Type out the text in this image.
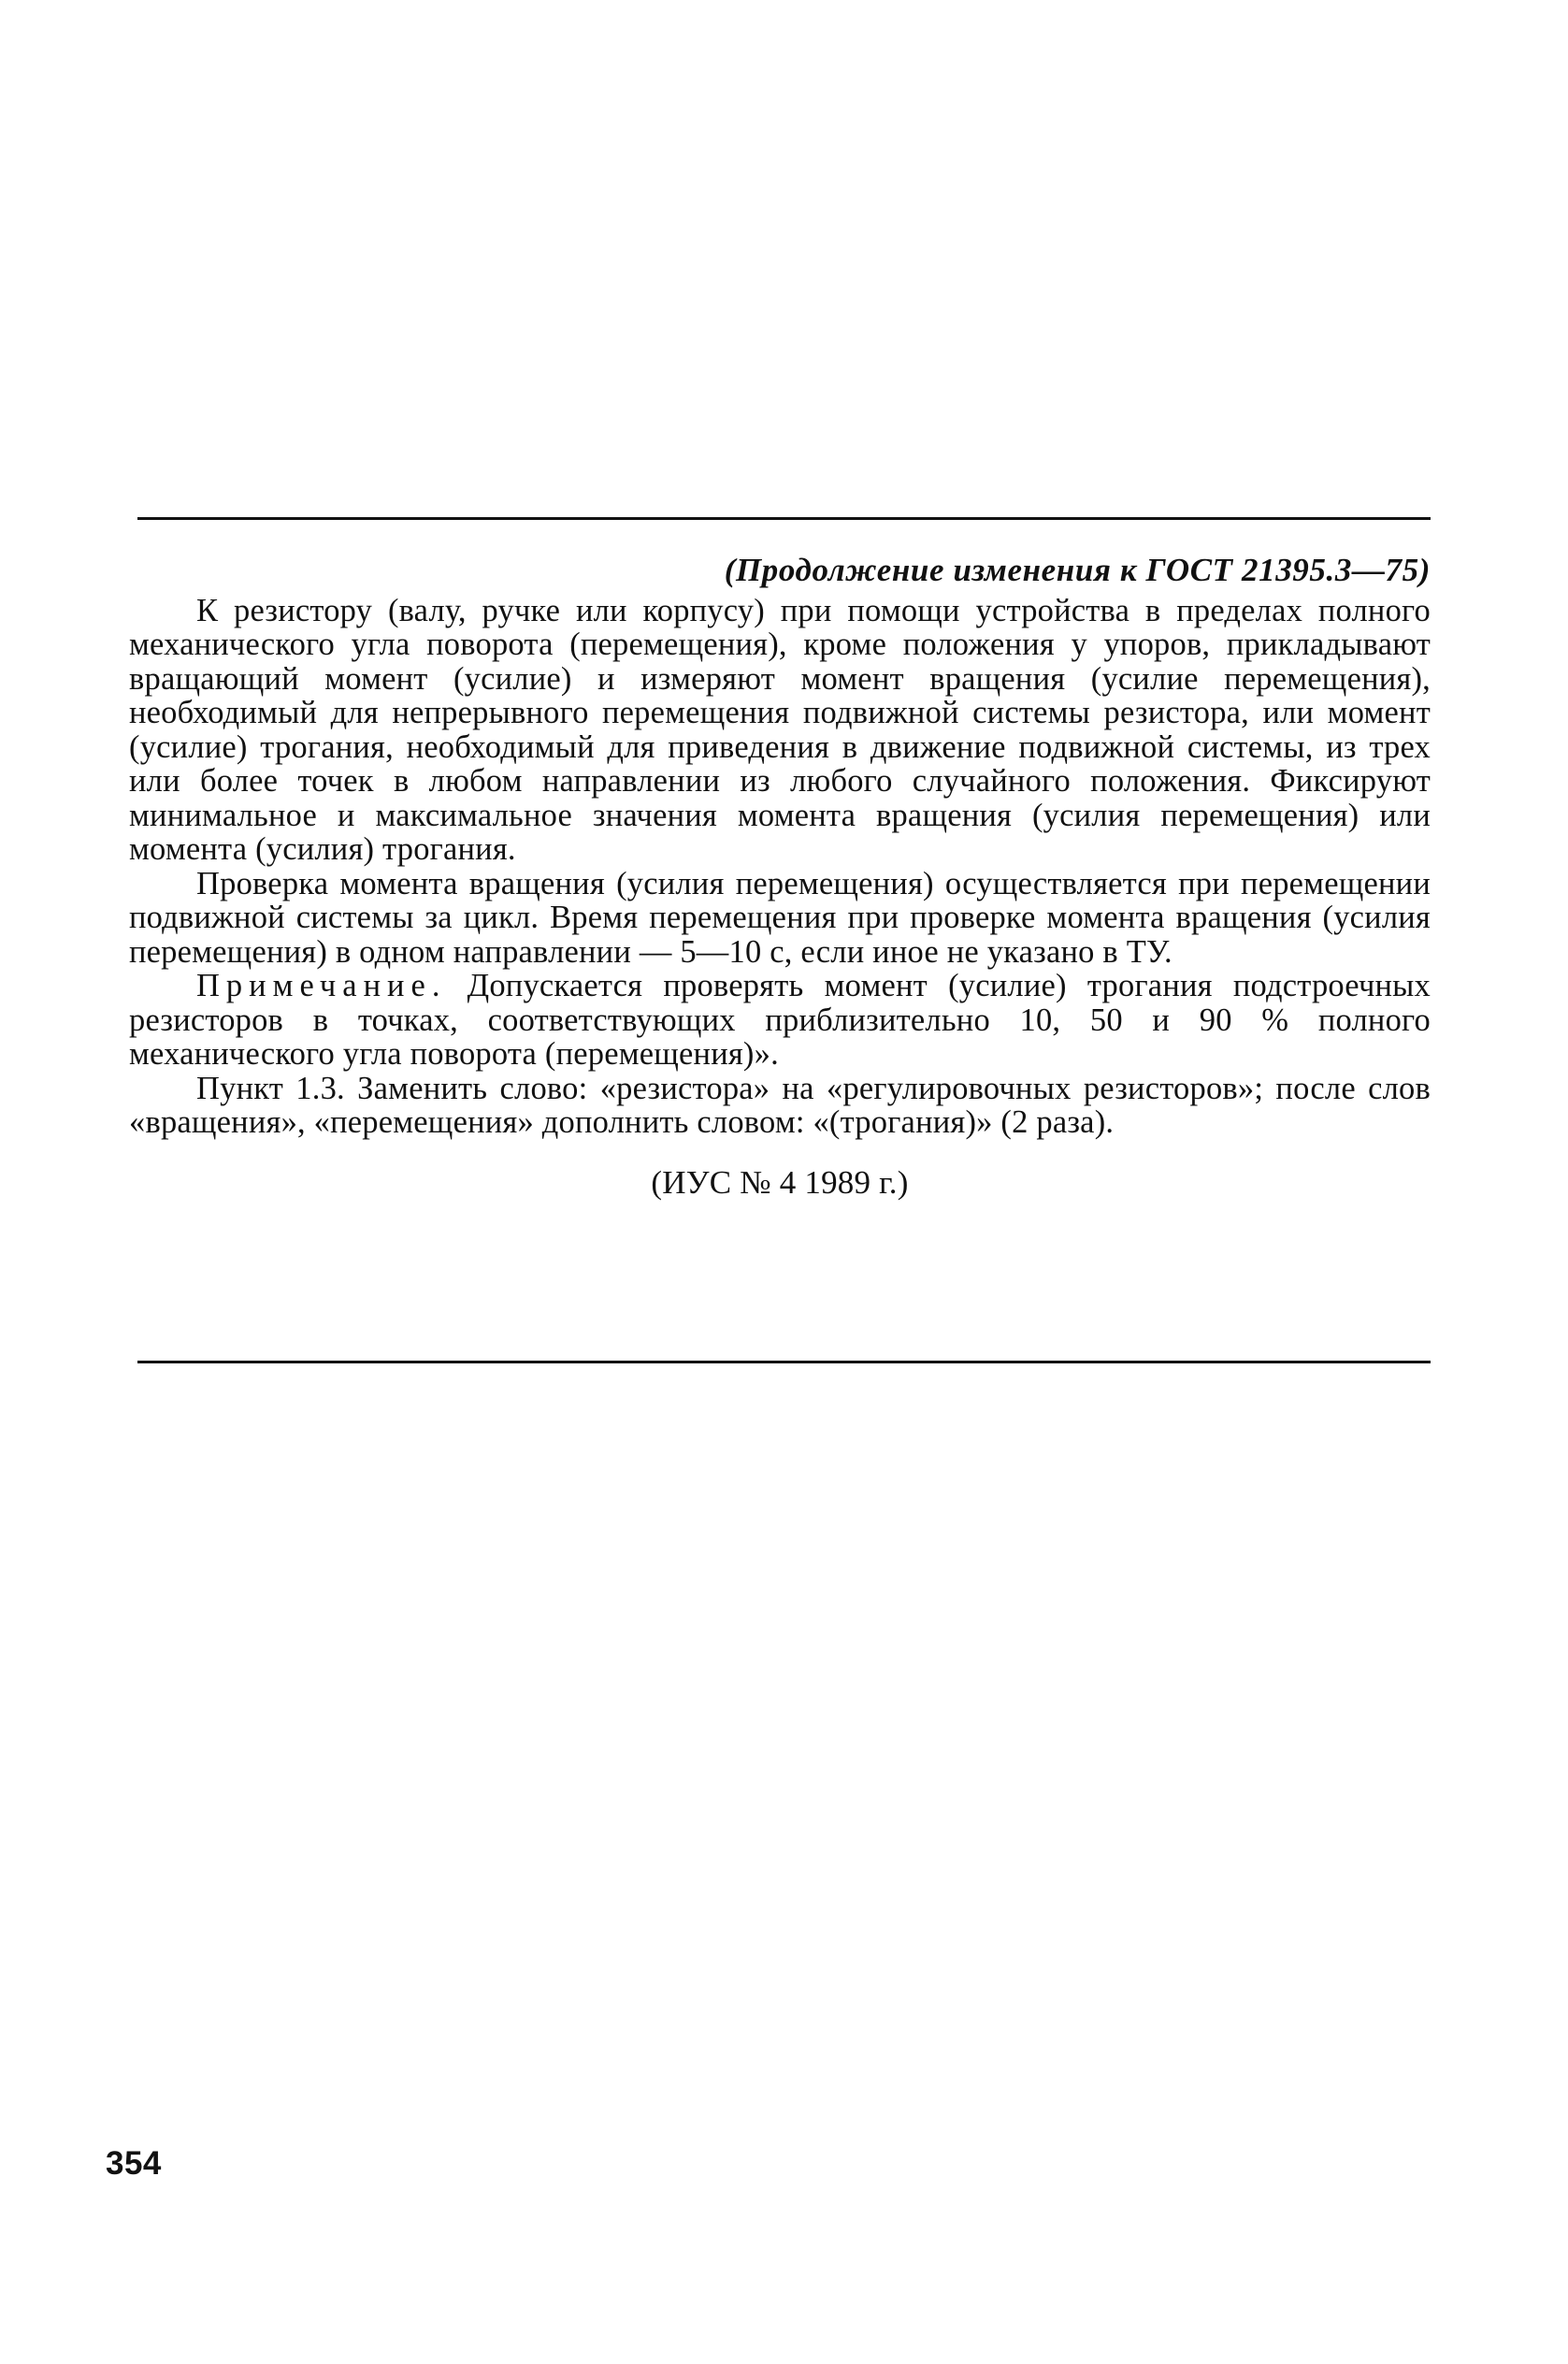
(Продолжение изменения к ГОСТ 21395.3—75)

К резистору (валу, ручке или корпусу) при помощи устройства в пределах полного механического угла поворота (перемещения), кроме положения у упоров, прикладывают вращающий момент (усилие) и измеряют момент вращения (усилие перемещения), необходимый для непрерывного перемещения подвижной системы резистора, или момент (усилие) трогания, необходимый для приведения в движение подвижной системы, из трех или более точек в любом направлении из любого случайного положения. Фиксируют минимальное и максимальное значения момента вращения (усилия перемещения) или момента (усилия) трогания.

Проверка момента вращения (усилия перемещения) осуществляется при перемещении подвижной системы за цикл. Время перемещения при проверке момента вращения (усилия перемещения) в одном направлении — 5—10 с, если иное не указано в ТУ.

Примечание. Допускается проверять момент (усилие) трогания подстроечных резисторов в точках, соответствующих приблизительно 10, 50 и 90 % полного механического угла поворота (перемещения)».

Пункт 1.3. Заменить слово: «резистора» на «регулировочных резисторов»; после слов «вращения», «перемещения» дополнить словом: «(трогания)» (2 раза).

(ИУС № 4 1989 г.)

354
